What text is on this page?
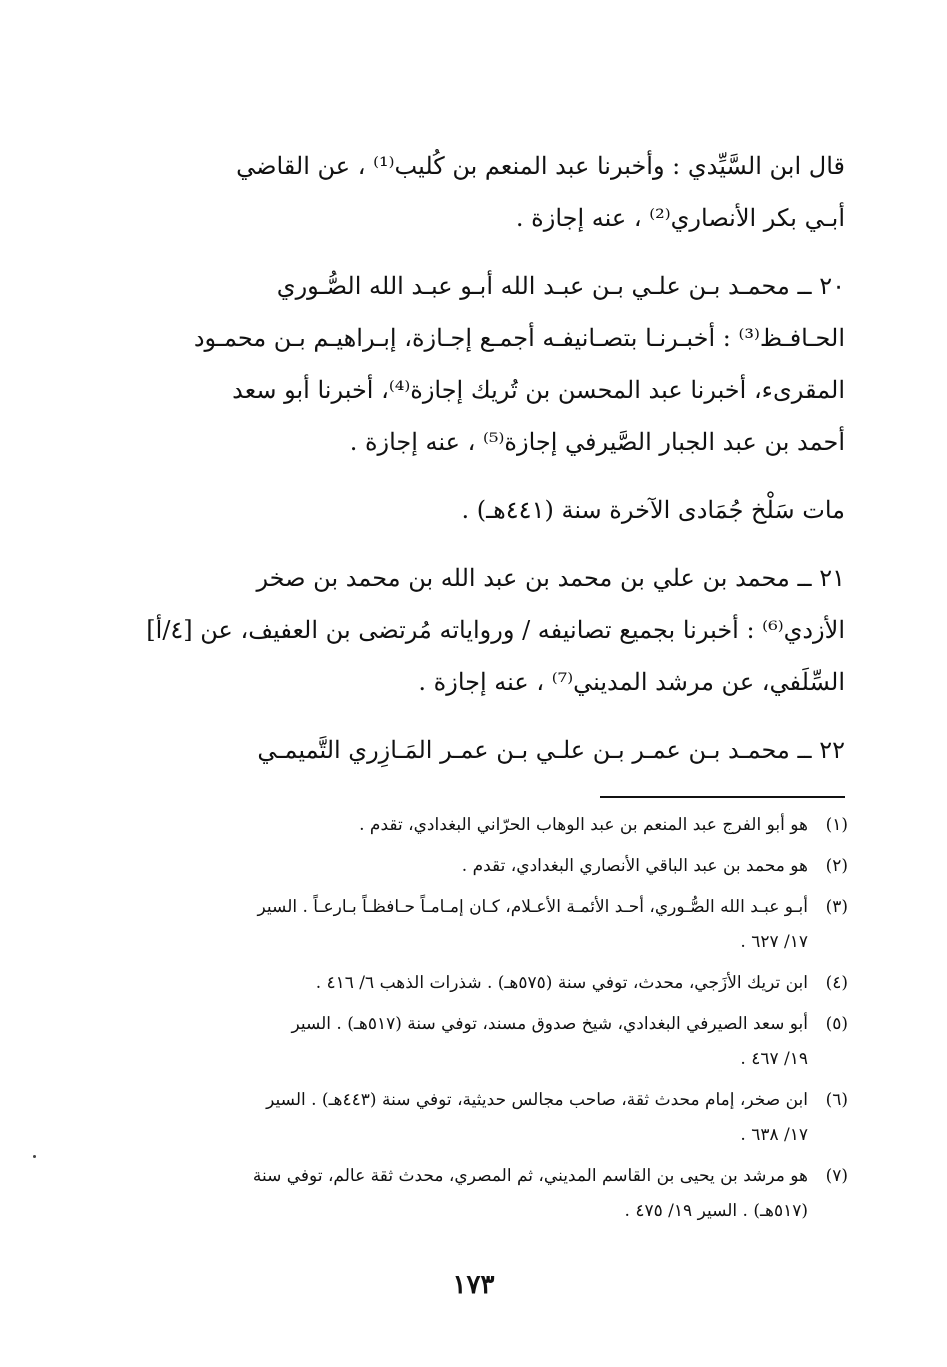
قال ابن السَّيِّدي : وأخبرنا عبد المنعم بن كُليب⁽¹⁾ ، عن القاضي
أبـي بكر الأنصاري⁽²⁾ ، عنه إجازة .
٢٠ ــ محمـد بـن علـي بـن عبـد الله أبـو عبـد الله الصُّـوري
الحـافـظ⁽³⁾ : أخبـرنـا بتصـانيفـه أجمـع إجـازة، إبـراهيـم بـن محمـود
المقرىء، أخبرنا عبد المحسن بن تُريك إجازة⁽⁴⁾، أخبرنا أبو سعد
أحمد بن عبد الجبار الصَّيرفي إجازة⁽⁵⁾ ، عنه إجازة .
مات سَلْخ جُمَادى الآخرة سنة (٤٤١هـ) .
٢١ ــ محمد بن علي بن محمد بن عبد الله بن محمد بن صخر
الأزدي⁽⁶⁾ : أخبرنا بجميع تصانيفه / ورواياته مُرتضى بن العفيف، عن [٤/أ]
السِّلَفي، عن مرشد المديني⁽⁷⁾ ، عنه إجازة .
٢٢ ــ محمـد بـن عمـر بـن علـي بـن عمـر المَـازِري التَّميمـي
(١)
هو أبو الفرج عبد المنعم بن عبد الوهاب الحرّاني البغدادي، تقدم .
(٢)
هو محمد بن عبد الباقي الأنصاري البغدادي، تقدم .
(٣)
أبـو عبـد الله الصُّـوري، أحـد الأئمـة الأعـلام، كـان إمـامـاً حـافظـاً بـارعـاً . السير
١٧/ ٦٢٧ .
(٤)
ابن تريك الأزَجي، محدث، توفي سنة (٥٧٥هـ) . شذرات الذهب ٦/ ٤١٦ .
(٥)
أبو سعد الصيرفي البغدادي، شيخ صدوق مسند، توفي سنة (٥١٧هـ) . السير
١٩/ ٤٦٧ .
(٦)
ابن صخر، إمام محدث ثقة، صاحب مجالس حديثية، توفي سنة (٤٤٣هـ) . السير
١٧/ ٦٣٨ .
(٧)
هو مرشد بن يحيى بن القاسم المديني، ثم المصري، محدث ثقة عالم، توفي سنة
(٥١٧هـ) . السير ١٩/ ٤٧٥ .
١٧٣
